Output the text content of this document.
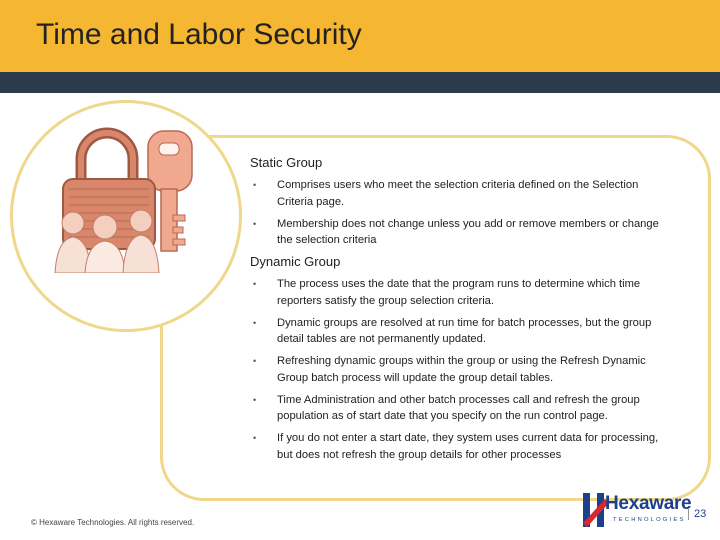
Time and Labor Security
Static Group
• Comprises users who meet the selection criteria defined on the Selection Criteria page.
• Membership does not change unless you add or remove members or change the selection criteria
Dynamic Group
• The process uses the date that the program runs to determine which time reporters satisfy the group selection criteria.
• Dynamic groups are resolved at run time for batch processes, but the group detail tables are not permanently updated.
• Refreshing dynamic groups within the group or using the Refresh Dynamic Group batch process will update the group detail tables.
• Time Administration and other batch processes call and refresh the group population as of start date that you specify on the run control page.
• If you do not enter a start date, they system uses current data for processing, but does not refresh the group details for other processes
© Hexaware Technologies. All rights reserved.
Hexaware
TECHNOLOGIES 23
